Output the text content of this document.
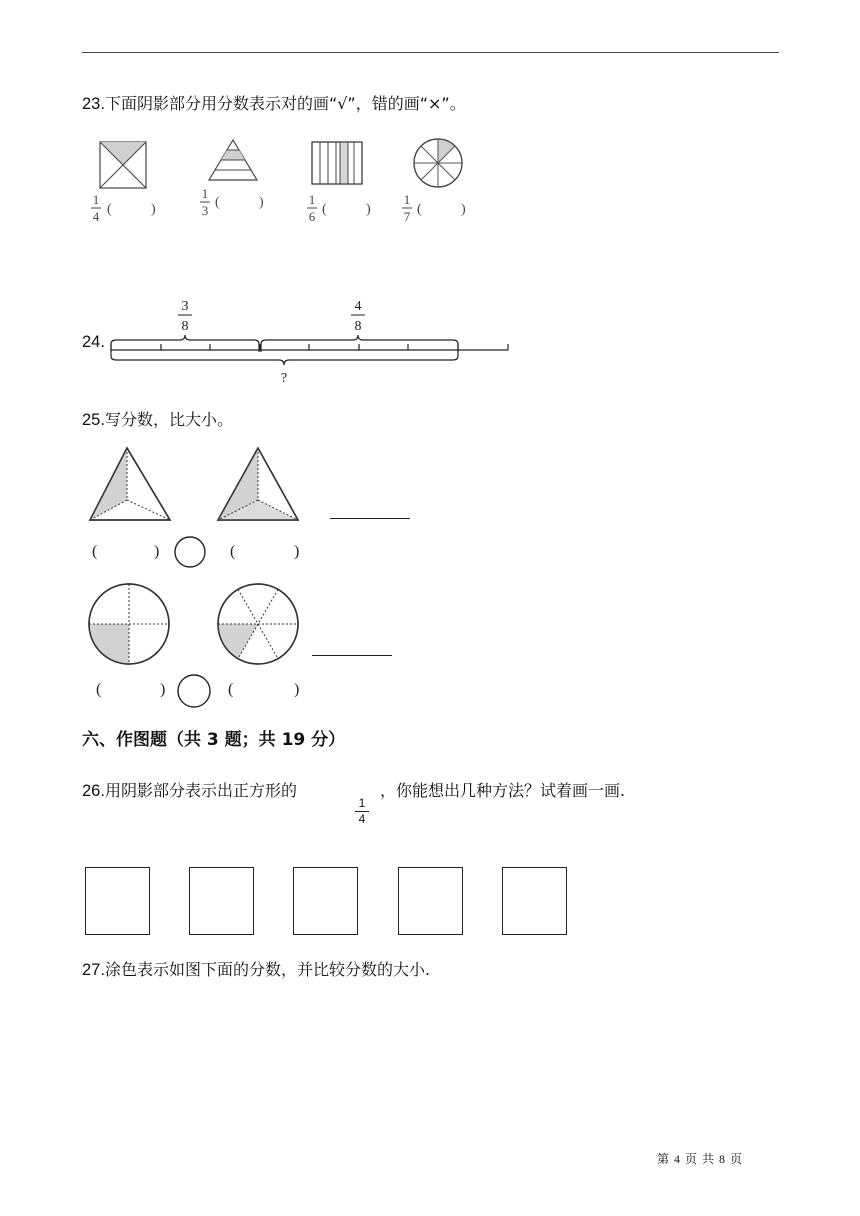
23.下面阴影部分用分数表示对的画“√”，错的画“×”。
1
4 (	)
1
3
(	)	1
6 (	)
1
7 (	)
24.
3
8
4
8
?
25.写分数，比大小。
(	)	(	)
(	)	(	)
六、作图题（共 3 题；共 19 分）
26.用阴影部分表示出正方形的
1
4
，你能想出几种方法？试着画一画.
27.涂色表示如图下面的分数，并比较分数的大小.
第 4 页 共 8 页
